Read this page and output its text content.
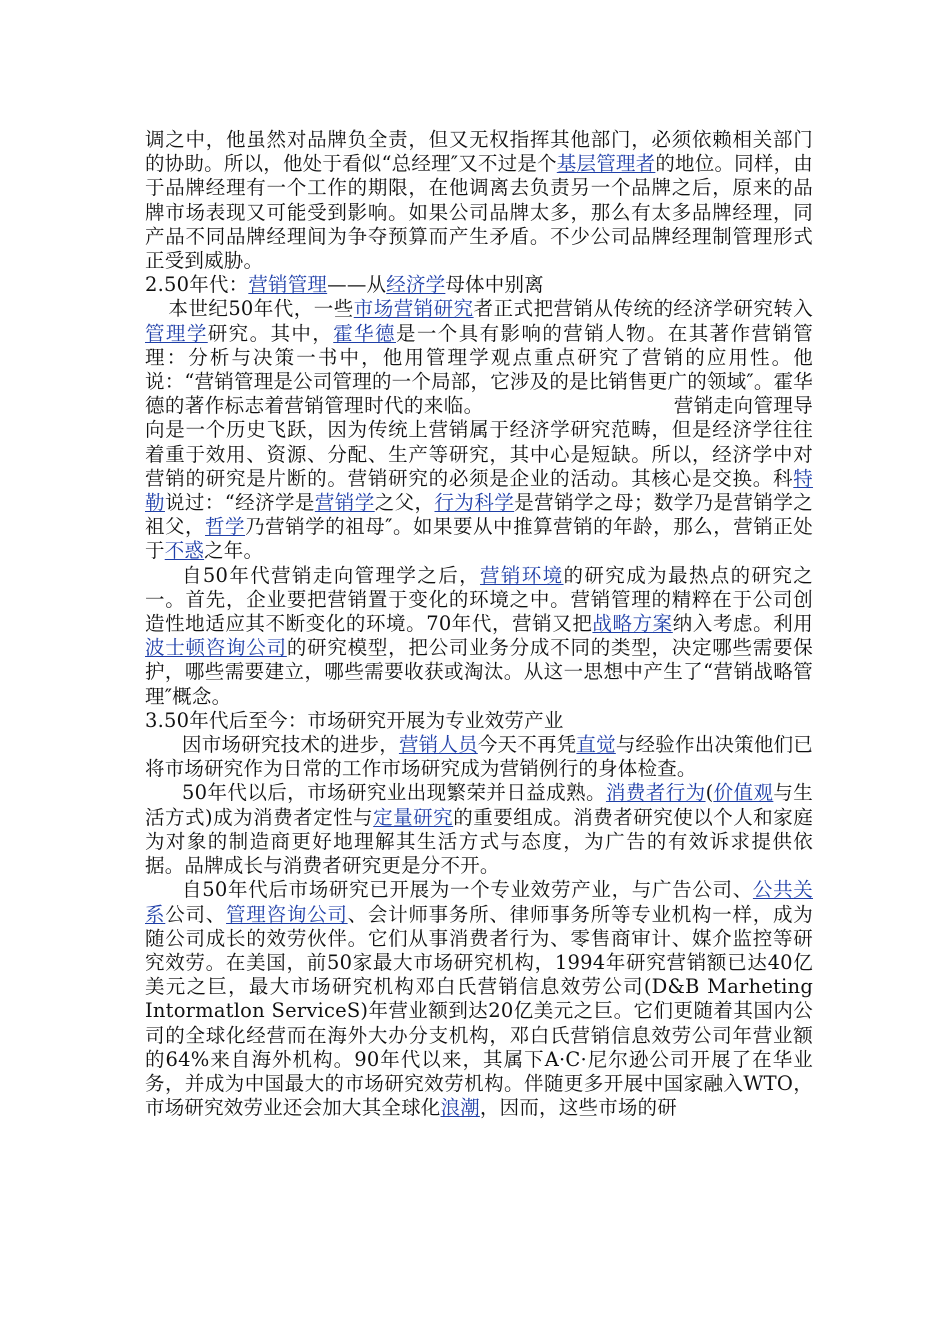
调之中，他虽然对品牌负全责，但又无权指挥其他部门，必须依赖相关部门的协助。所以，他处于看似“总经理″又不过是个基层管理者的地位。同样，由于品牌经理有一个工作的期限，在他调离去负责另一个品牌之后，原来的品牌市场表现又可能受到影响。如果公司品牌太多，那么有太多品牌经理，同产品不同品牌经理间为争夺预算而产生矛盾。不少公司品牌经理制管理形式正受到威胁。

2.50年代：营销管理——从经济学母体中别离

本世纪50年代，一些市场营销研究者正式把营销从传统的经济学研究转入管理学研究。其中，霍华德是一个具有影响的营销人物。在其著作营销管理：分析与决策一书中，他用管理学观点重点研究了营销的应用性。他说：“营销管理是公司管理的一个局部，它涉及的是比销售更广的领域″。霍华德的著作标志着营销管理时代的来临。	营销走向管理导向是一个历史飞跃，因为传统上营销属于经济学研究范畴，但是经济学往往着重于效用、资源、分配、生产等研究，其中心是短缺。所以，经济学中对营销的研究是片断的。营销研究的必须是企业的活动。其核心是交换。科特勒说过：“经济学是营销学之父，行为科学是营销学之母；数学乃是营销学之祖父，哲学乃营销学的祖母″。如果要从中推算营销的年龄，那么，营销正处于不惑之年。

自50年代营销走向管理学之后，营销环境的研究成为最热点的研究之一。首先，企业要把营销置于变化的环境之中。营销管理的精粹在于公司创造性地适应其不断变化的环境。70年代，营销又把战略方案纳入考虑。利用波士顿咨询公司的研究模型，把公司业务分成不同的类型，决定哪些需要保护，哪些需要建立，哪些需要收获或淘汰。从这一思想中产生了“营销战略管理″概念。

3.50年代后至今：市场研究开展为专业效劳产业

因市场研究技术的进步，营销人员今天不再凭直觉与经验作出决策他们已将市场研究作为日常的工作市场研究成为营销例行的身体检查。

50年代以后，市场研究业出现繁荣并日益成熟。消费者行为(价值观与生活方式)成为消费者定性与定量研究的重要组成。消费者研究使以个人和家庭为对象的制造商更好地理解其生活方式与态度，为广告的有效诉求提供依据。品牌成长与消费者研究更是分不开。

自50年代后市场研究已开展为一个专业效劳产业，与广告公司、公共关系公司、管理咨询公司、会计师事务所、律师事务所等专业机构一样，成为随公司成长的效劳伙伴。它们从事消费者行为、零售商审计、媒介监控等研究效劳。在美国，前50家最大市场研究机构，1994年研究营销额已达40亿美元之巨，最大市场研究机构邓白氏营销信息效劳公司(D&B Marheting Intormatlon ServiceS)年营业额到达20亿美元之巨。它们更随着其国内公司的全球化经营而在海外大办分支机构，邓白氏营销信息效劳公司年营业额的64%来自海外机构。90年代以来，其属下A·C·尼尔逊公司开展了在华业务，并成为中国最大的市场研究效劳机构。伴随更多开展中国家融入WTO，市场研究效劳业还会加大其全球化浪潮，因而，这些市场的研
